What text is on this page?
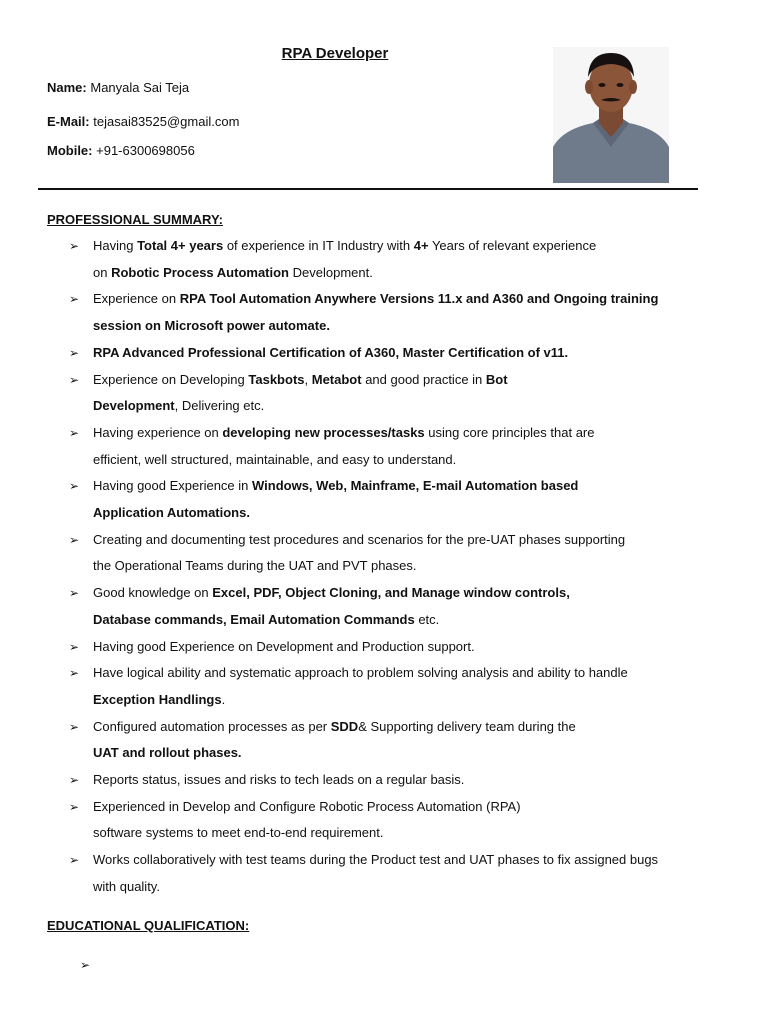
RPA Developer
Name: Manyala Sai Teja
E-Mail: tejasai83525@gmail.com
Mobile: +91-6300698056
PROFESSIONAL SUMMARY:
➢ Having Total 4+ years of experience in IT Industry with 4+ Years of relevant experience
on Robotic Process Automation Development.
➢ Experience on RPA Tool Automation Anywhere Versions 11.x and A360 and Ongoing training
session on Microsoft power automate.
➢ RPA Advanced Professional Certification of A360, Master Certification of v11.
➢ Experience on Developing Taskbots, Metabot and good practice in Bot
Development, Delivering etc.
➢ Having experience on developing new processes/tasks using core principles that are
efficient, well structured, maintainable, and easy to understand.
➢ Having good Experience in Windows, Web, Mainframe, E-mail Automation based
Application Automations.
➢ Creating and documenting test procedures and scenarios for the pre-UAT phases supporting
the Operational Teams during the UAT and PVT phases.
➢ Good knowledge on Excel, PDF, Object Cloning, and Manage window controls,
Database commands, Email Automation Commands etc.
➢ Having good Experience on Development and Production support.
➢ Have logical ability and systematic approach to problem solving analysis and ability to handle
Exception Handlings.
➢ Configured automation processes as per SDD& Supporting delivery team during the
UAT and rollout phases.
➢ Reports status, issues and risks to tech leads on a regular basis.
➢ Experienced in Develop and Configure Robotic Process Automation (RPA)
software systems to meet end-to-end requirement.
➢ Works collaboratively with test teams during the Product test and UAT phases to fix assigned bugs
with quality.
EDUCATIONAL QUALIFICATION:
➢
